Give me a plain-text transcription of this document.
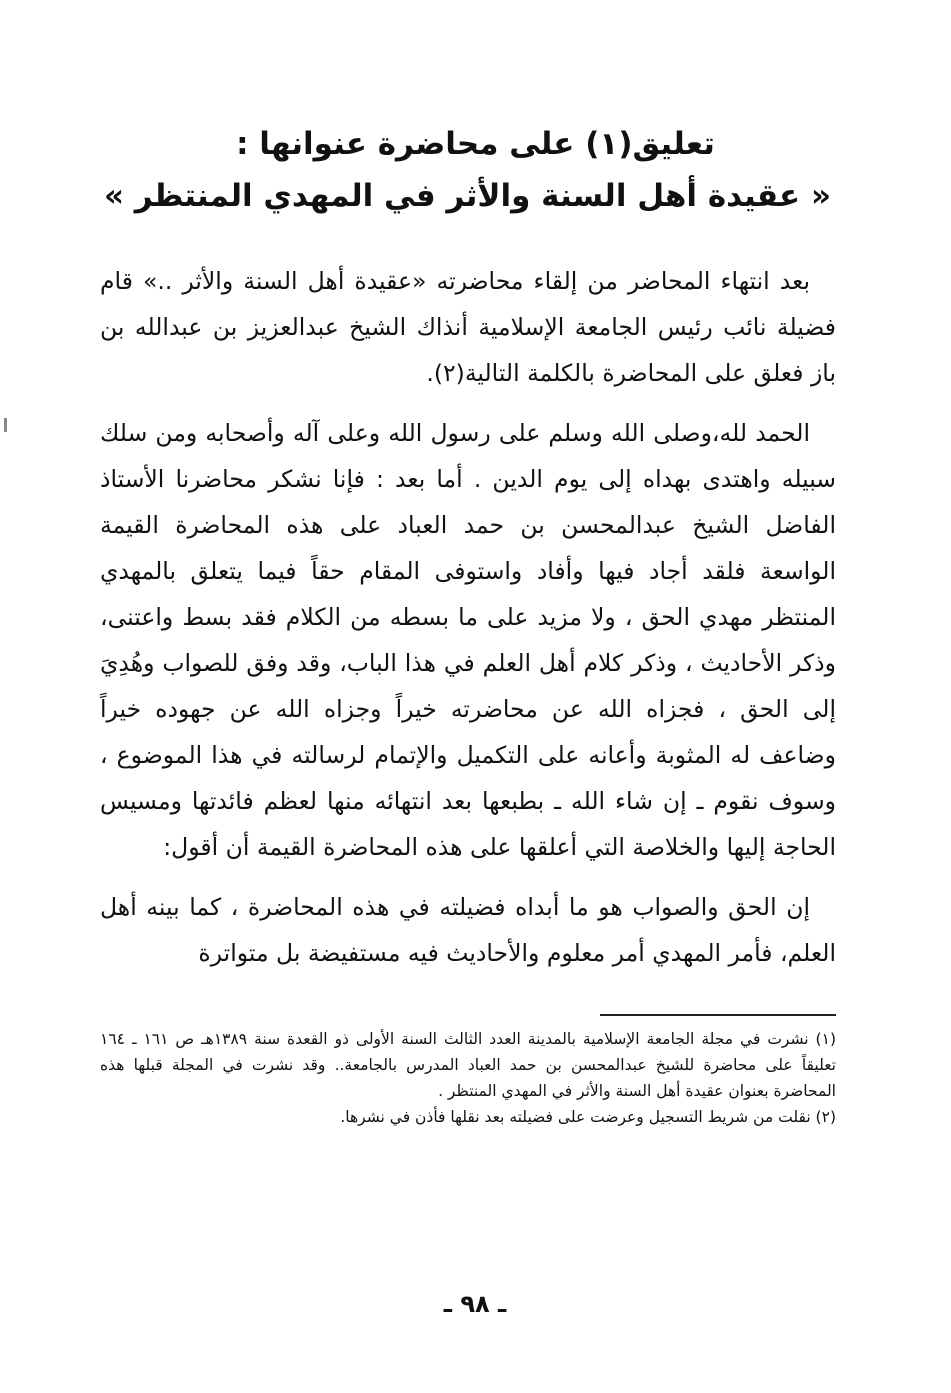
تعليق(١) على محاضرة عنوانها :
« عقيدة أهل السنة والأثر في المهدي المنتظر »

بعد انتهاء المحاضر من إلقاء محاضرته «عقيدة أهل السنة والأثر ..» قام فضيلة نائب رئيس الجامعة الإسلامية أنذاك الشيخ عبدالعزيز بن عبدالله بن باز فعلق على المحاضرة بالكلمة التالية(٢).

الحمد لله،وصلى الله وسلم على رسول الله وعلى آله وأصحابه ومن سلك سبيله واهتدى بهداه إلى يوم الدين . أما بعد : فإنا نشكر محاضرنا الأستاذ الفاضل الشيخ عبدالمحسن بن حمد العباد على هذه المحاضرة القيمة الواسعة فلقد أجاد فيها وأفاد واستوفى المقام حقاً فيما يتعلق بالمهدي المنتظر مهدي الحق ، ولا مزيد على ما بسطه من الكلام فقد بسط واعتنى، وذكر الأحاديث ، وذكر كلام أهل العلم في هذا الباب، وقد وفق للصواب وهُدِيَ إلى الحق ، فجزاه الله عن محاضرته خيراً وجزاه الله عن جهوده خيراً وضاعف له المثوبة وأعانه على التكميل والإتمام لرسالته في هذا الموضوع ، وسوف نقوم ـ إن شاء الله ـ بطبعها بعد انتهائه منها لعظم فائدتها ومسيس الحاجة إليها والخلاصة التي أعلقها على هذه المحاضرة القيمة أن أقول:

إن الحق والصواب هو ما أبداه فضيلته في هذه المحاضرة ، كما بينه أهل العلم، فأمر المهدي أمر معلوم والأحاديث فيه مستفيضة بل متواترة

(١) نشرت في مجلة الجامعة الإسلامية بالمدينة العدد الثالث السنة الأولى ذو القعدة سنة ١٣٨٩هـ ص ١٦١ ـ ١٦٤ تعليقاً على محاضرة للشيخ عبدالمحسن بن حمد العباد المدرس بالجامعة.. وقد نشرت في المجلة قبلها هذه المحاضرة بعنوان عقيدة أهل السنة والأثر في المهدي المنتظر .

(٢) نقلت من شريط التسجيل وعرضت على فضيلته بعد نقلها فأذن في نشرها.

ـ ٩٨ ـ
